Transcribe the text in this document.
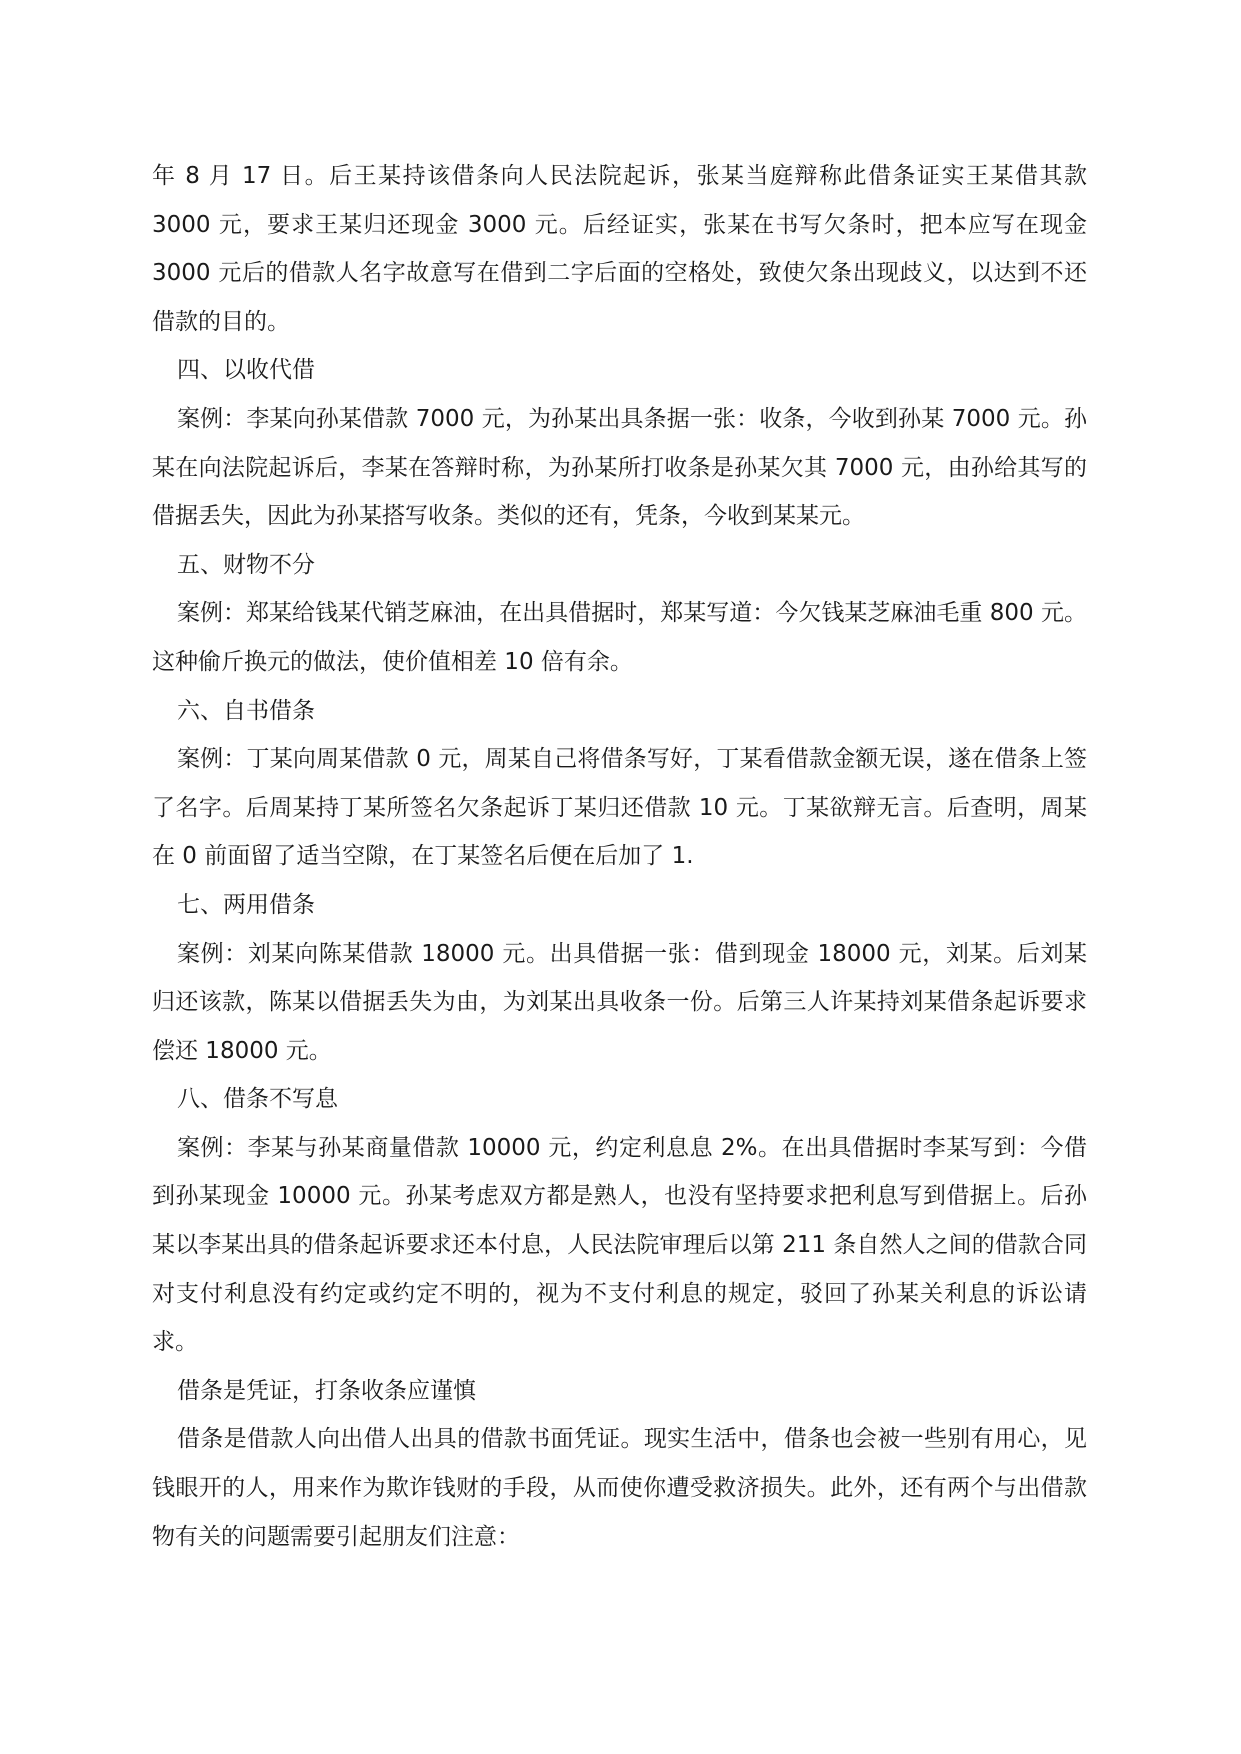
年 8 月 17 日。后王某持该借条向人民法院起诉，张某当庭辩称此借条证实王某借其款 3000 元，要求王某归还现金 3000 元。后经证实，张某在书写欠条时，把本应写在现金 3000 元后的借款人名字故意写在借到二字后面的空格处，致使欠条出现歧义，以达到不还借款的目的。

四、以收代借

案例：李某向孙某借款 7000 元，为孙某出具条据一张：收条，今收到孙某 7000 元。孙某在向法院起诉后，李某在答辩时称，为孙某所打收条是孙某欠其 7000 元，由孙给其写的借据丢失，因此为孙某搭写收条。类似的还有，凭条，今收到某某元。

五、财物不分

案例：郑某给钱某代销芝麻油，在出具借据时，郑某写道：今欠钱某芝麻油毛重 800 元。这种偷斤换元的做法，使价值相差 10 倍有余。

六、自书借条

案例：丁某向周某借款 0 元，周某自己将借条写好，丁某看借款金额无误，遂在借条上签了名字。后周某持丁某所签名欠条起诉丁某归还借款 10 元。丁某欲辩无言。后查明，周某在 0 前面留了适当空隙，在丁某签名后便在后加了 1.

七、两用借条

案例：刘某向陈某借款 18000 元。出具借据一张：借到现金 18000 元，刘某。后刘某归还该款，陈某以借据丢失为由，为刘某出具收条一份。后第三人许某持刘某借条起诉要求偿还 18000 元。

八、借条不写息

案例：李某与孙某商量借款 10000 元，约定利息息 2%。在出具借据时李某写到：今借到孙某现金 10000 元。孙某考虑双方都是熟人，也没有坚持要求把利息写到借据上。后孙某以李某出具的借条起诉要求还本付息，人民法院审理后以第 211 条自然人之间的借款合同对支付利息没有约定或约定不明的，视为不支付利息的规定，驳回了孙某关利息的诉讼请求。

借条是凭证，打条收条应谨慎

借条是借款人向出借人出具的借款书面凭证。现实生活中，借条也会被一些别有用心，见钱眼开的人，用来作为欺诈钱财的手段，从而使你遭受救济损失。此外，还有两个与出借款物有关的问题需要引起朋友们注意：
